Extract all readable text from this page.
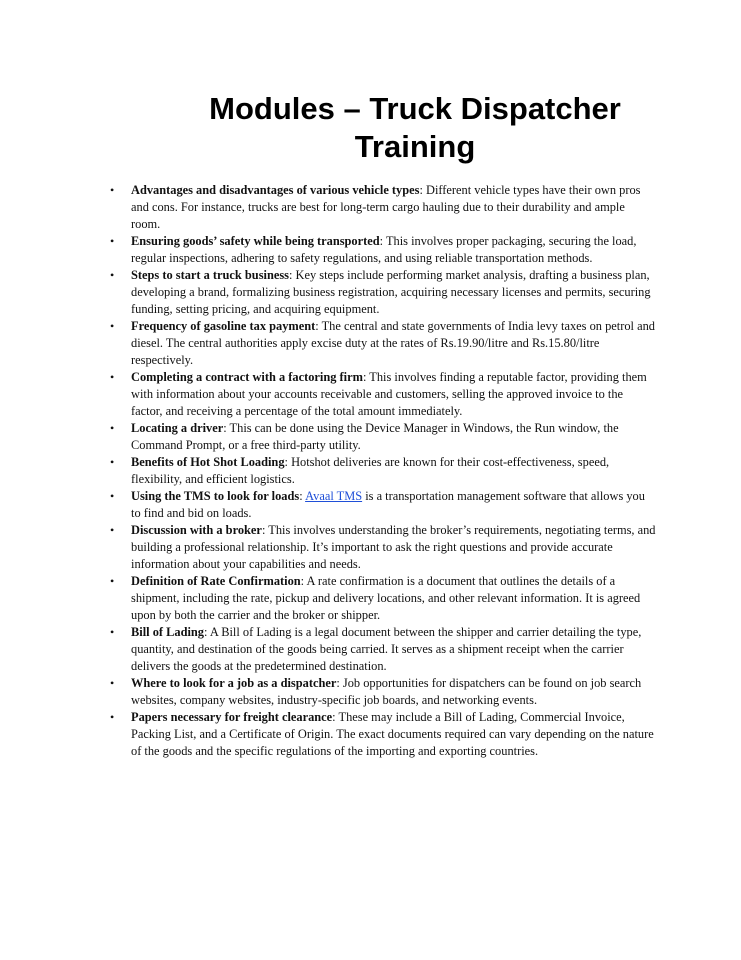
Modules – Truck Dispatcher
Training
• Advantages and disadvantages of various vehicle types: Different vehicle types have their own pros and cons. For instance, trucks are best for long-term cargo hauling due to their durability and ample room.
• Ensuring goods’ safety while being transported: This involves proper packaging, securing the load, regular inspections, adhering to safety regulations, and using reliable transportation methods.
• Steps to start a truck business: Key steps include performing market analysis, drafting a business plan, developing a brand, formalizing business registration, acquiring necessary licenses and permits, securing funding, setting pricing, and acquiring equipment.
• Frequency of gasoline tax payment: The central and state governments of India levy taxes on petrol and diesel. The central authorities apply excise duty at the rates of Rs.19.90/litre and Rs.15.80/litre respectively.
• Completing a contract with a factoring firm: This involves finding a reputable factor, providing them with information about your accounts receivable and customers, selling the approved invoice to the factor, and receiving a percentage of the total amount immediately.
• Locating a driver: This can be done using the Device Manager in Windows, the Run window, the Command Prompt, or a free third-party utility.
• Benefits of Hot Shot Loading: Hotshot deliveries are known for their cost-effectiveness, speed, flexibility, and efficient logistics.
• Using the TMS to look for loads: Avaal TMS is a transportation management software that allows you to find and bid on loads.
• Discussion with a broker: This involves understanding the broker’s requirements, negotiating terms, and building a professional relationship. It’s important to ask the right questions and provide accurate information about your capabilities and needs.
• Definition of Rate Confirmation: A rate confirmation is a document that outlines the details of a shipment, including the rate, pickup and delivery locations, and other relevant information. It is agreed upon by both the carrier and the broker or shipper.
• Bill of Lading: A Bill of Lading is a legal document between the shipper and carrier detailing the type, quantity, and destination of the goods being carried. It serves as a shipment receipt when the carrier delivers the goods at the predetermined destination.
• Where to look for a job as a dispatcher: Job opportunities for dispatchers can be found on job search websites, company websites, industry-specific job boards, and networking events.
• Papers necessary for freight clearance: These may include a Bill of Lading, Commercial Invoice, Packing List, and a Certificate of Origin. The exact documents required can vary depending on the nature of the goods and the specific regulations of the importing and exporting countries.
